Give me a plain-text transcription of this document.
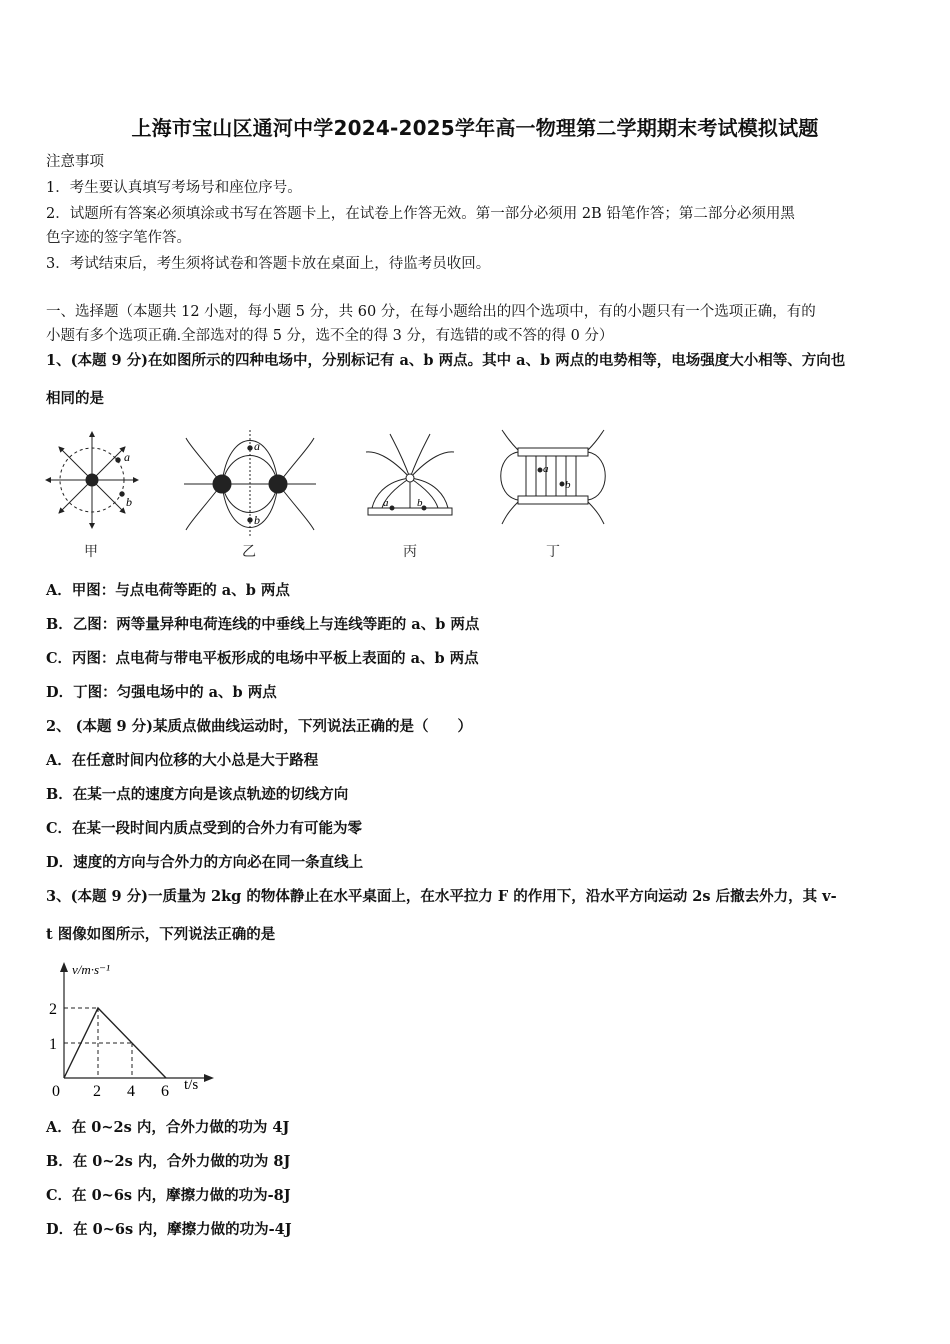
上海市宝山区通河中学2024-2025学年高一物理第二学期期末考试模拟试题
注意事项
1．考生要认真填写考场号和座位序号。
2．试题所有答案必须填涂或书写在答题卡上，在试卷上作答无效。第一部分必须用 2B 铅笔作答；第二部分必须用黑
色字迹的签字笔作答。
3．考试结束后，考生须将试卷和答题卡放在桌面上，待监考员收回。
一、选择题（本题共 12 小题，每小题 5 分，共 60 分，在每小题给出的四个选项中，有的小题只有一个选项正确，有的
小题有多个选项正确.全部选对的得 5 分，选不全的得 3 分，有选错的或不答的得 0 分）
1、(本题 9 分)在如图所示的四种电场中，分别标记有 a、b 两点。其中 a、b 两点的电势相等，电场强度大小相等、方向也
相同的是
a
b
a
b
a	b
a
b
甲	乙	丙	丁
A．甲图：与点电荷等距的 a、b 两点
B．乙图：两等量异种电荷连线的中垂线上与连线等距的 a、b 两点
C．丙图：点电荷与带电平板形成的电场中平板上表面的 a、b 两点
D．丁图：匀强电场中的 a、b 两点
2、 (本题 9 分)某质点做曲线运动时，下列说法正确的是（　　）
A．在任意时间内位移的大小总是大于路程
B．在某一点的速度方向是该点轨迹的切线方向
C．在某一段时间内质点受到的合外力有可能为零
D．速度的方向与合外力的方向必在同一条直线上
3、(本题 9 分)一质量为 2kg 的物体静止在水平桌面上，在水平拉力 F 的作用下，沿水平方向运动 2s 后撤去外力，其 v-
t 图像如图所示，下列说法正确的是
v/m·s⁻¹
t/s
0 2 4 6
1
2
A．在 0~2s 内，合外力做的功为 4J
B．在 0~2s 内，合外力做的功为 8J
C．在 0~6s 内，摩擦力做的功为-8J
D．在 0~6s 内，摩擦力做的功为-4J
